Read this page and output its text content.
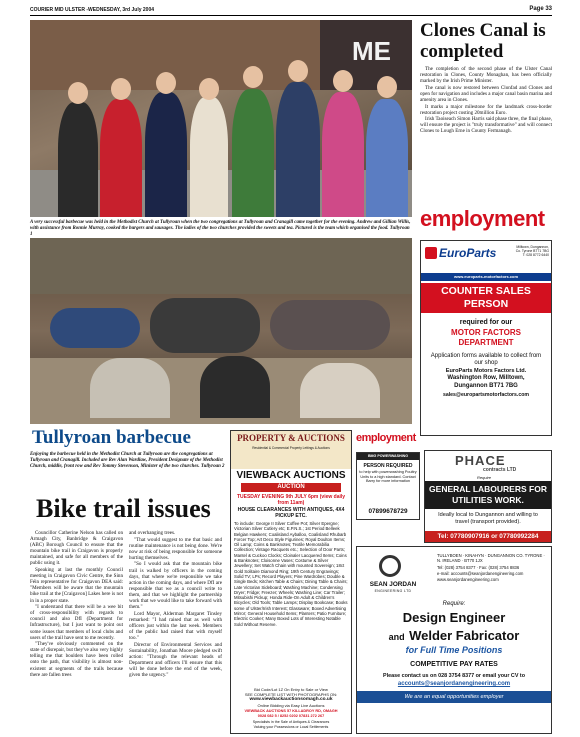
COURIER MID ULSTER -WEDNESDAY, 3rd July 2004	Page 33
ME
A very successful barbecue was held in the Methodist Church at Tullyroan when the two congregations at Tullyroan and Cranagill came together for the evening. Andrew and Gillian Willis, with assistance from Ronnie Murray, cooked the burgers and sausages. The ladies of the two churches provided the sweets and tea. Pictured is the team which organised the food. Tullyroan 1
Clones Canal is completed

The completion of the second phase of the Ulster Canal restoration in Clones, County Monaghan, has been officially marked by the Irish Prime Minister.

The canal is now restored between Clonfad and Clones and open for navigation and includes a major canal basin marina and amenity area in Clones.

It marks a major milestone for the landmark cross-border restoration project costing 20million Euro.

Irish Taoiseach Simon Harris said phase three, the final phase, will ensure the project is "truly transformative" and will connect Clones to Lough Erne in County Fermanagh.

employment
EuroParts	Milltown, Dungannon, Co. Tyrone BT71 7BG T: 028 8772 6440
www.europarts-motorfactors.com
COUNTER SALES PERSON
required for our
MOTOR FACTORS DEPARTMENT
Application forms available to collect from our shop
EuroParts Motors Factors Ltd.
Washington Row, Milltown,
Dungannon BT71 7BG
sales@europartsmotorfactors.com
Tullyroan barbecue
Enjoying the barbecue held in the Methodist Church at Tullyroan are the congregations at Tullyroan and Cranagill. Included are Rev Alan Wardlaw, President Designate of the Methodist Church, middle, front row and Rev Tommy Stevenson, Minister of the two churches. Tullyroan 2
Bike trail issues

Councillor Catherine Nelson has called on Armagh City, Banbridge & Craigavon (ABC) Borough Council to ensure that the mountain bike trail in Craigavon is properly maintained, and safe for all members of the public using it.

Speaking at last the monthly Council meeting in Craigavon Civic Centre, the Sinn Féin representative for Craigavon DEA said: "Members will be aware that the mountain bike trail at the [Craigavon] Lakes here is not in in a proper state.

"I understand that there will be a wee bit of cross-responsibility with regards to council and also DfI (Department for Infrastructure), but I just want to point out some issues that members of local clubs and users of the trail have sent to me recently.

"They've obviously commented on the state of disrepair, but they've also very highly telling me that boulders have been rolled onto the path, that visibility is almost non-existent at segments of the trails because there are fallen trees

and overhanging trees.

"That would suggest to me that basic and routine maintenance is not being done. We're now at risk of being responsible for someone hurting themselves.

"So I would ask that the mountain bike trail is walked by officers in the coming days, that where we're responsible we take action in the coming days, and where DfI are responsible that we as a council write to them, and that we highlight the partnership work that we would like to take forward with them."

Lord Mayor, Alderman Margaret Tinsley remarked: "I had raised that as well with officers just within the last week. Members of the public had raised that with myself too."

Director of Environmental Services and Sustainability, Jonathan Moore pledged swift action: "Through the relevant heads of Department and officers I'll ensure that this will be done before the end of the week, given the urgency."

PROPERTY & AUCTIONS
Residential & Commercial Property Lettings & Auctions
VIEWBACK AUCTIONS
AUCTION
TUESDAY EVENING 9th JULY 6pm (view daily from 11am)
HOUSE CLEARANCES WITH ANTIQUES, 4X4 PICKUP ETC.
To include: George II Silver Coffee Pot; Silver Epergne; Victorian Silver Cutlery etc; E.P.N.S.; 1st Period Belleek Belgian Hawkers; Coalisland Ayballoo, Coalisland Rhubarb Forcer Top; Art Deco Style Figurines; Royal Doulton Items; Oil Lamp; Coins & Banknotes; Textile Memorabilia Collection; Vintage Racquets etc.; Selection of Door Parts; Mantel & Cuckoo Clocks; Cloinaler Lacquered Items; Coins & Banknotes; Cloisonne Vases; Costume & Silver Jewellery; Set Watch Chain with mounted Sovereign; 18ct Gold Solitaire Diamond Ring; 19th Century Engravings; Solid TV; LPs; Record Players; Pine Wardrobes; Double & Single Beds; Kitchen Table & Chairs; Dining Table & Chairs; Late Victorian Sideboard; Washing Machine; Condensing Dryer; Fridge; Freezer; Wheels; Washing Line; Car Trailer; Mitsubishi Pickup; Honda Ride-On Adult & Children's Bicycles; Old Tools; Table Lamps; Display Bookcase; Books some of Ulster/Irish Interest; Glassware; Boxed Advertising Mirror; General Household Items; Planters; Patio Furniture; Electric Cooker; Many Boxed Lots of Interesting Notable Sold Without Reserve.
Bid Code/Lot 1Z On Entry to Sale or View
SEE COMPLETE LIST WITH PHOTOGRAPHS ON:
www.viewbackauctionsomagh.co.uk
Online Bidding via Easy Live Auctions
VIEWBACK AUCTIONS 57 KILLADROY RD, OMAGH
0028 082 5 / 8252 0202 07831 272 267
Specialists in the Sale of Antiques & Clearances
Valuing your Possessions or Local Settlements
employment
BMG POWERWASHING
PERSON REQUIRED
to help with powerwashing Poultry Units to a high standard. Contact Barry for more information
07899678729
PHACE
contracts LTD
Require
GENERAL LABOURERS FOR UTILITIES WORK.
Ideally local to Dungannon and willing to travel (transport provided).
Tel: 07780907916 or 07780992284
SEAN JORDAN
ENGINEERING LTD
TULLYBOEN · KINAHYN · DUNGANNON CO. TYRONE · N. IRELAND · BT70 1JX
Tel: (028) 3754 8377 · Fax: (028) 3754 8836
e-mail: accounts@seanjordanengineering.com
www.seanjordanengineering.com
Require:
Design Engineer
and Welder Fabricator
for Full Time Positions
COMPETITIVE PAY RATES
Please contact us on 028 3754 8377 or email your CV to
accounts@seanjordanengineering.com
We are an equal opportunities employer
